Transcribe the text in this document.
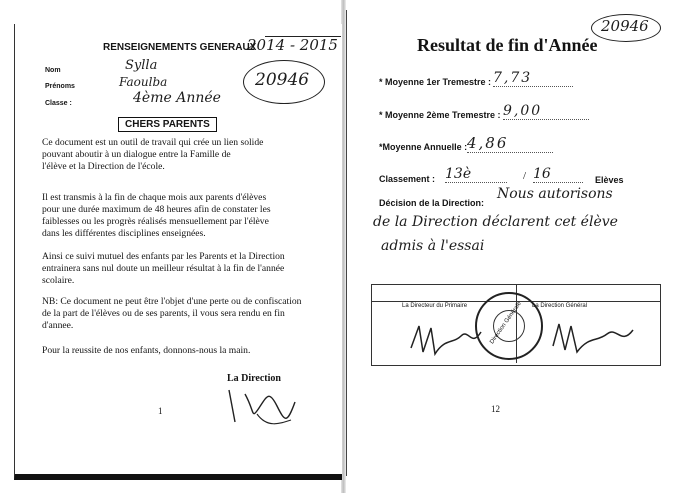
RENSEIGNEMENTS GENERAUX
2014 - 2015
Nom	Sylla
Prénoms	Faoulba
Classe :	4ème Année
20946
CHERS PARENTS
Ce document est un outil de travail qui crée un lien solide
pouvant aboutir à un dialogue entre la Famille de
l'élève et la Direction de l'école.
Il est transmis à la fin de chaque mois aux parents d'élèves
pour une durée maximum de 48 heures afin de constater les
faiblesses ou les progrès réalisés mensuellement par l'élève
dans les différentes disciplines enseignées.
Ainsi ce suivi mutuel des enfants par les Parents et la Direction
entrainera sans nul doute un meilleur résultat à la fin de l'année
scolaire.
NB: Ce document ne peut être l'objet d'une perte ou de confiscation
de la part de l'élèves ou de ses parents, il vous sera rendu en fin
d'annee.
Pour la reussite de nos enfants, donnons-nous la main.
La Direction
1
20946
Resultat de fin d'Année
* Moyenne 1er Tremestre : 7,73
* Moyenne 2ème Tremestre : 9,00
*Moyenne Annuelle : 4,86
Classement : 13è	/ 16	Elèves
Décision de la Direction:
Nous autorisons
de la Direction déclarent cet élève
admis à l'essai
La Directeur du Primaire	La Direction Général
Direction Générale
12
